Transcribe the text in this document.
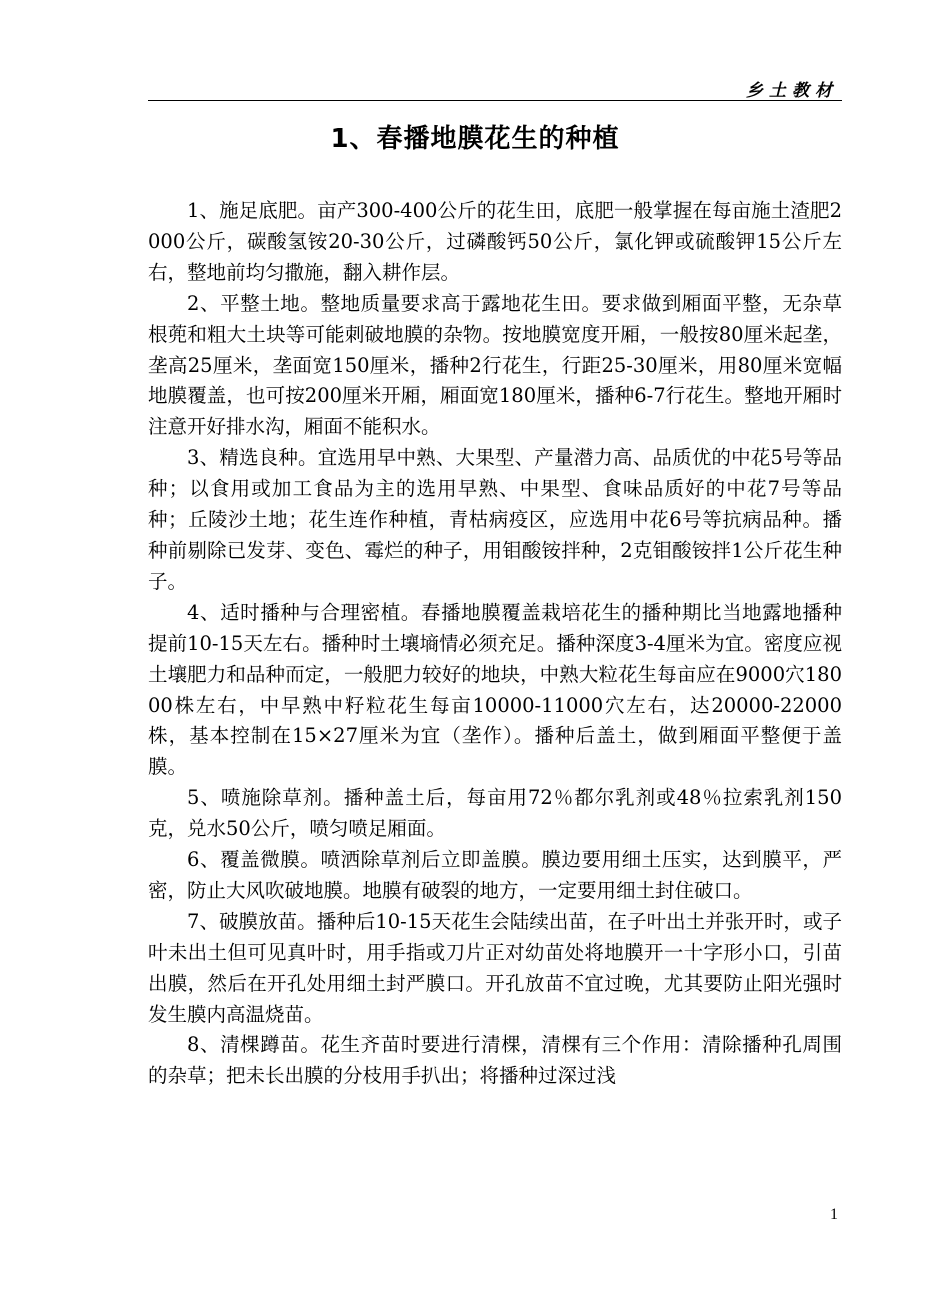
乡土教材
1、春播地膜花生的种植

1、施足底肥。亩产300-400公斤的花生田，底肥一般掌握在每亩施土渣肥2000公斤，碳酸氢铵20-30公斤，过磷酸钙50公斤，氯化钾或硫酸钾15公斤左右，整地前均匀撒施，翻入耕作层。

2、平整土地。整地质量要求高于露地花生田。要求做到厢面平整，无杂草根蔸和粗大土块等可能刺破地膜的杂物。按地膜宽度开厢，一般按80厘米起垄，垄高25厘米，垄面宽150厘米，播种2行花生，行距25-30厘米，用80厘米宽幅地膜覆盖，也可按200厘米开厢，厢面宽180厘米，播种6-7行花生。整地开厢时注意开好排水沟，厢面不能积水。

3、精选良种。宜选用早中熟、大果型、产量潜力高、品质优的中花5号等品种；以食用或加工食品为主的选用早熟、中果型、食味品质好的中花7号等品种；丘陵沙土地；花生连作种植，青枯病疫区，应选用中花6号等抗病品种。播种前剔除已发芽、变色、霉烂的种子，用钼酸铵拌种，2克钼酸铵拌1公斤花生种子。

4、适时播种与合理密植。春播地膜覆盖栽培花生的播种期比当地露地播种提前10-15天左右。播种时土壤墒情必须充足。播种深度3-4厘米为宜。密度应视土壤肥力和品种而定，一般肥力较好的地块，中熟大粒花生每亩应在9000穴18000株左右，中早熟中籽粒花生每亩10000-11000穴左右，达20000-22000株，基本控制在15×27厘米为宜（垄作）。播种后盖土，做到厢面平整便于盖膜。

5、喷施除草剂。播种盖土后，每亩用72％都尔乳剂或48％拉索乳剂150克，兑水50公斤，喷匀喷足厢面。

6、覆盖微膜。喷洒除草剂后立即盖膜。膜边要用细土压实，达到膜平，严密，防止大风吹破地膜。地膜有破裂的地方，一定要用细土封住破口。

7、破膜放苗。播种后10-15天花生会陆续出苗，在子叶出土并张开时，或子叶未出土但可见真叶时，用手指或刀片正对幼苗处将地膜开一十字形小口，引苗出膜，然后在开孔处用细土封严膜口。开孔放苗不宜过晚，尤其要防止阳光强时发生膜内高温烧苗。

8、清棵蹲苗。花生齐苗时要进行清棵，清棵有三个作用：清除播种孔周围的杂草；把未长出膜的分枝用手扒出；将播种过深过浅

1
